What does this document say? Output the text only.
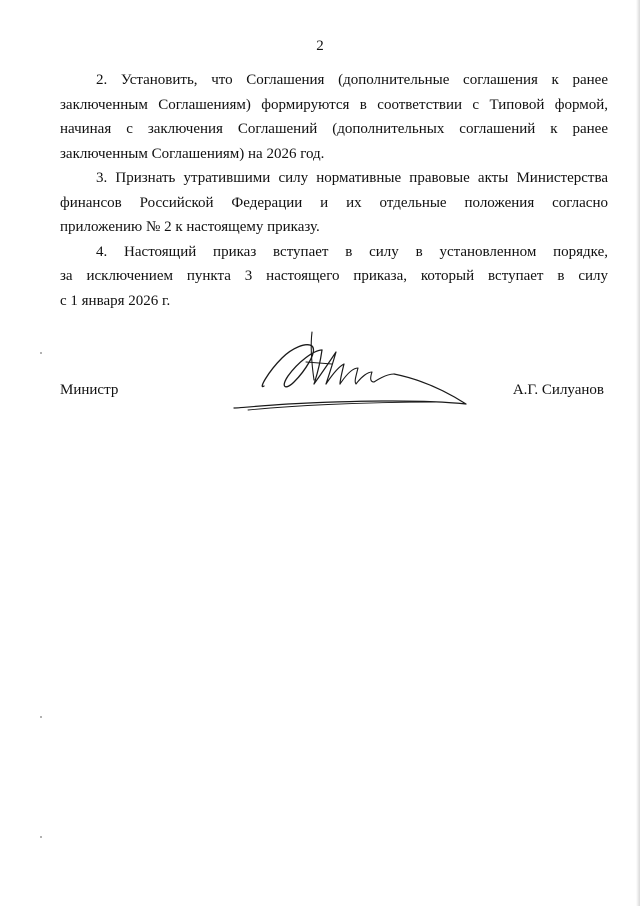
2

2. Установить, что Соглашения (дополнительные соглашения к ранее
заключенным Соглашениям) формируются в соответствии с Типовой формой,
начиная с заключения Соглашений (дополнительных соглашений к ранее
заключенным Соглашениям) на 2026 год.

3. Признать утратившими силу нормативные правовые акты Министерства
финансов Российской Федерации и их отдельные положения согласно
приложению № 2 к настоящему приказу.

4. Настоящий приказ вступает в силу в установленном порядке,
за исключением пункта 3 настоящего приказа, который вступает в силу
с 1 января 2026 г.

Министр	А.Г. Силуанов
